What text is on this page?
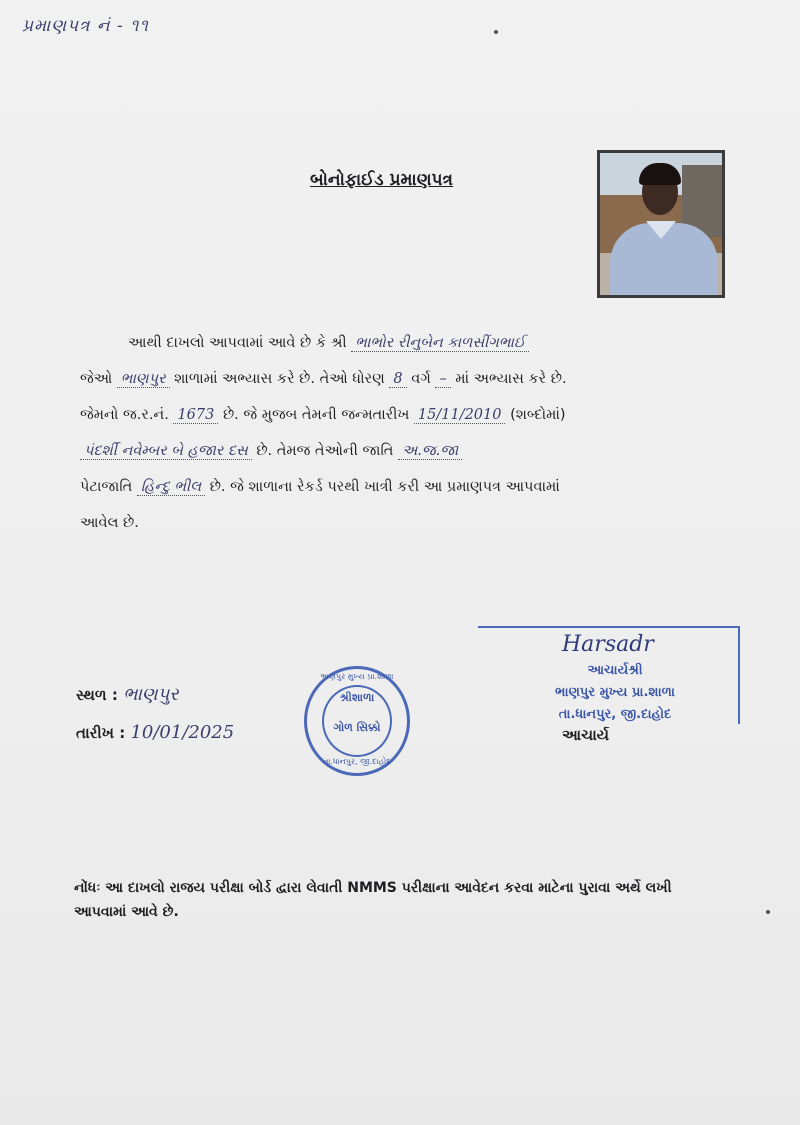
પ્રમાણપત્ર નં - ૧૧
બોનોફાઈડ પ્રમાણપત્ર
આથી દાખલો આપવામાં આવે છે કે શ્રી ભાભોર રીનુબેન કાળસીંગભાઈ
જેઓ ભાણપુર શાળામાં અભ્યાસ કરે છે. તેઓ ધોરણ 8 વર્ગ – માં અભ્યાસ કરે છે.
જેમનો જ.ર.નં. 1673 છે. જે મુજબ તેમની જન્મતારીખ 15/11/2010 (શબ્દોમાં)
પંદર્શી નવેમ્બર બે હજાર દસ છે. તેમજ તેઓની જાતિ અ.જ.જા
પેટાજાતિ હિન્દુ ભીલ છે. જે શાળાના રેકર્ડ પરથી ખાત્રી કરી આ પ્રમાણપત્ર આપવામાં
આવેલ છે.
સ્થળ : ભાણપુર
તારીખ : 10/01/2025
ભાણપુર મુખ્ય પ્રા.શાળા
શ્રીશાળા
ગોળ સિક્કો
તા.ધાનપુર, જી.દાહોદ
Harsadr
આચાર્યશ્રી
ભાણપુર મુખ્ય પ્રા.શાળા
તા.ધાનપુર, જી.દાહોદ
આચાર્ય
નોંધઃ આ દાખલો રાજય પરીક્ષા બોર્ડ દ્વારા લેવાતી NMMS પરીક્ષાના આવેદન કરવા માટેના પુરાવા અર્થે લખી આપવામાં આવે છે.
